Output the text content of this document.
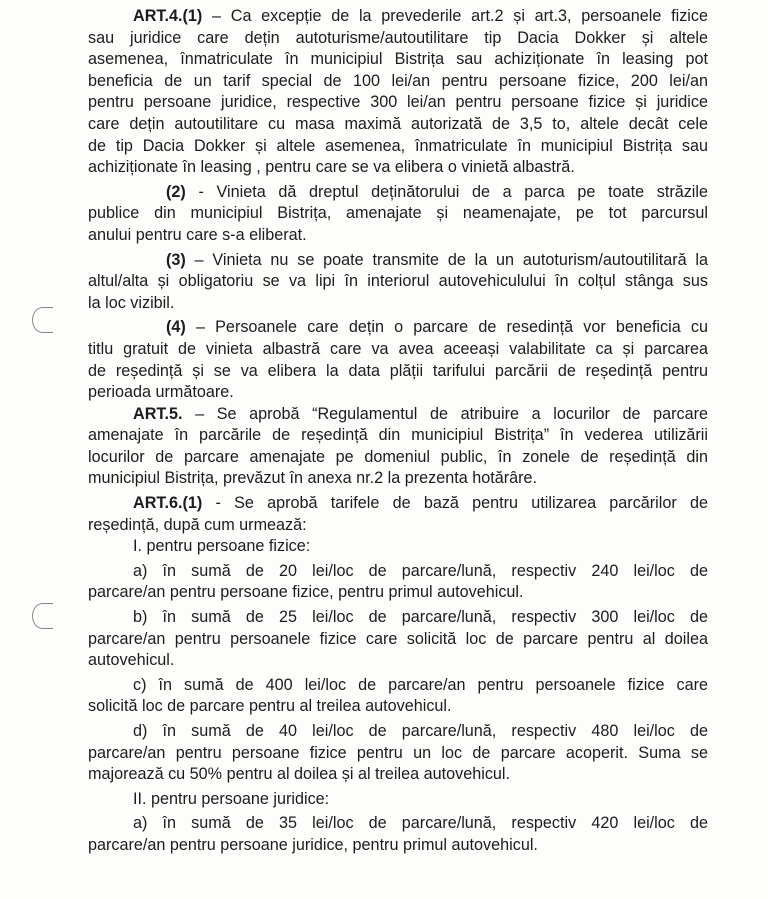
ART.4.(1) – Ca excepție de la prevederile art.2 și art.3, persoanele fizice
sau juridice care dețin autoturisme/autoutilitare tip Dacia Dokker și altele
asemenea, înmatriculate în municipiul Bistrița sau achiziționate în leasing pot
beneficia de un tarif special de 100 lei/an pentru persoane fizice, 200 lei/an
pentru persoane juridice, respective 300 lei/an pentru persoane fizice și juridice
care dețin autoutilitare cu masa maximă autorizată de 3,5 to, altele decât cele
de tip Dacia Dokker și altele asemenea, înmatriculate în municipiul Bistrița sau
achiziționate în leasing , pentru care se va elibera o vinietă albastră.
(2) - Vinieta dă dreptul deținătorului de a parca pe toate străzile
publice din municipiul Bistrița, amenajate și neamenajate, pe tot parcursul
anului pentru care s-a eliberat.
(3) – Vinieta nu se poate transmite de la un autoturism/autoutilitară la
altul/alta și obligatoriu se va lipi în interiorul autovehiculului în colțul stânga sus
la loc vizibil.
(4) – Persoanele care dețin o parcare de resedință vor beneficia cu
titlu gratuit de vinieta albastră care va avea aceeași valabilitate ca și parcarea
de reședință și se va elibera la data plății tarifului parcării de reședință pentru
perioada următoare.
ART.5. – Se aprobă “Regulamentul de atribuire a locurilor de parcare
amenajate în parcările de reședință din municipiul Bistrița” în vederea utilizării
locurilor de parcare amenajate pe domeniul public, în zonele de reședință din
municipiul Bistrița, prevăzut în anexa nr.2 la prezenta hotărâre.
ART.6.(1) - Se aprobă tarifele de bază pentru utilizarea parcărilor de
reședință, după cum urmează:
I. pentru persoane fizice:
a) în sumă de 20 lei/loc de parcare/lună, respectiv 240 lei/loc de
parcare/an pentru persoane fizice, pentru primul autovehicul.
b) în sumă de 25 lei/loc de parcare/lună, respectiv 300 lei/loc de
parcare/an pentru persoanele fizice care solicită loc de parcare pentru al doilea
autovehicul.
c) în sumă de 400 lei/loc de parcare/an pentru persoanele fizice care
solicită loc de parcare pentru al treilea autovehicul.
d) în sumă de 40 lei/loc de parcare/lună, respectiv 480 lei/loc de
parcare/an pentru persoane fizice pentru un loc de parcare acoperit. Suma se
majorează cu 50% pentru al doilea și al treilea autovehicul.
II. pentru persoane juridice:
a) în sumă de 35 lei/loc de parcare/lună, respectiv 420 lei/loc de
parcare/an pentru persoane juridice, pentru primul autovehicul.
